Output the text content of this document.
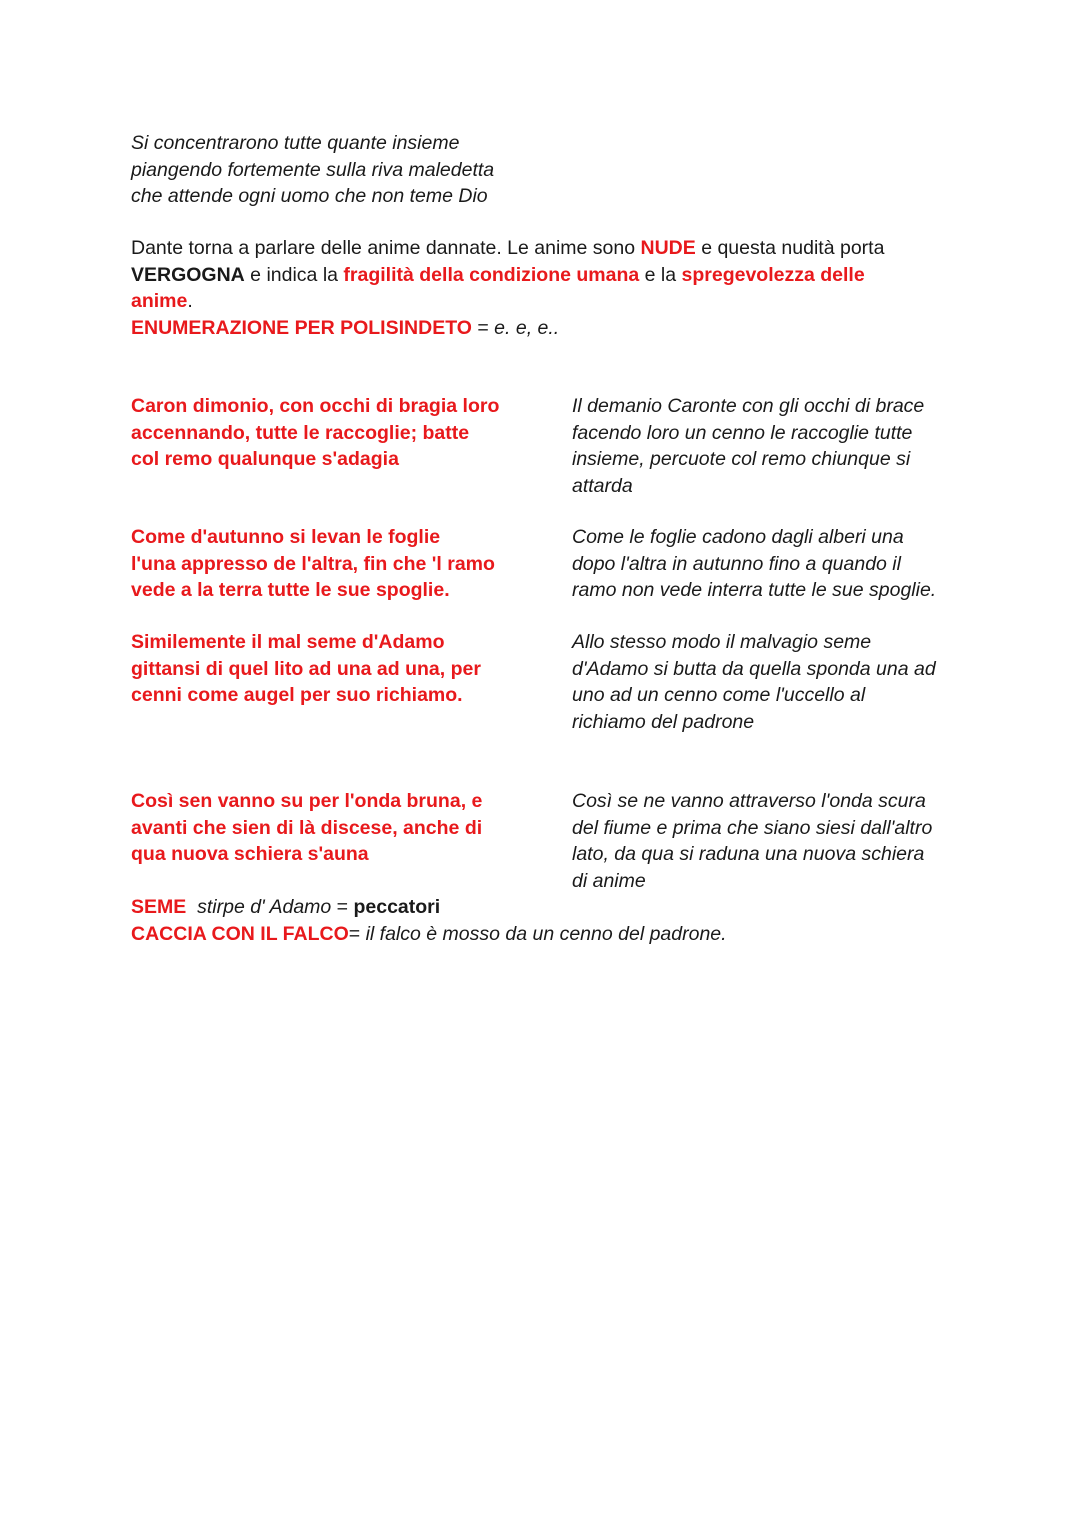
Si concentrarono tutte quante insieme
piangendo fortemente sulla riva maledetta
che attende ogni uomo che non teme Dio
Dante torna a parlare delle anime dannate. Le anime sono NUDE e questa nudità porta
VERGOGNA e indica la fragilità della condizione umana e la spregevolezza delle
anime.
ENUMERAZIONE PER POLISINDETO = e. e, e..
Caron dimonio, con occhi di bragia loro
accennando, tutte le raccoglie; batte
col remo qualunque s'adagia
Il demanio Caronte con gli occhi di brace
facendo loro un cenno le raccoglie tutte
insieme, percuote col remo chiunque si
attarda
Come d'autunno si levan le foglie
l'una appresso de l'altra, fin che 'l ramo
vede a la terra tutte le sue spoglie.
Come le foglie cadono dagli alberi una
dopo l'altra in autunno fino a quando il
ramo non vede interra tutte le sue spoglie.
Similemente il mal seme d'Adamo
gittansi di quel lito ad una ad una, per
cenni come augel per suo richiamo.
Allo stesso modo il malvagio seme
d'Adamo si butta da quella sponda una ad
uno ad un cenno come l'uccello al
richiamo del padrone
Così sen vanno su per l'onda bruna, e
avanti che sien di là discese, anche di
qua nuova schiera s'auna
Così se ne vanno attraverso l'onda scura
del fiume e prima che siano siesi dall'altro
lato, da qua si raduna una nuova schiera
di anime
SEME  stirpe d' Adamo = peccatori
CACCIA CON IL FALCO= il falco è mosso da un cenno del padrone.
